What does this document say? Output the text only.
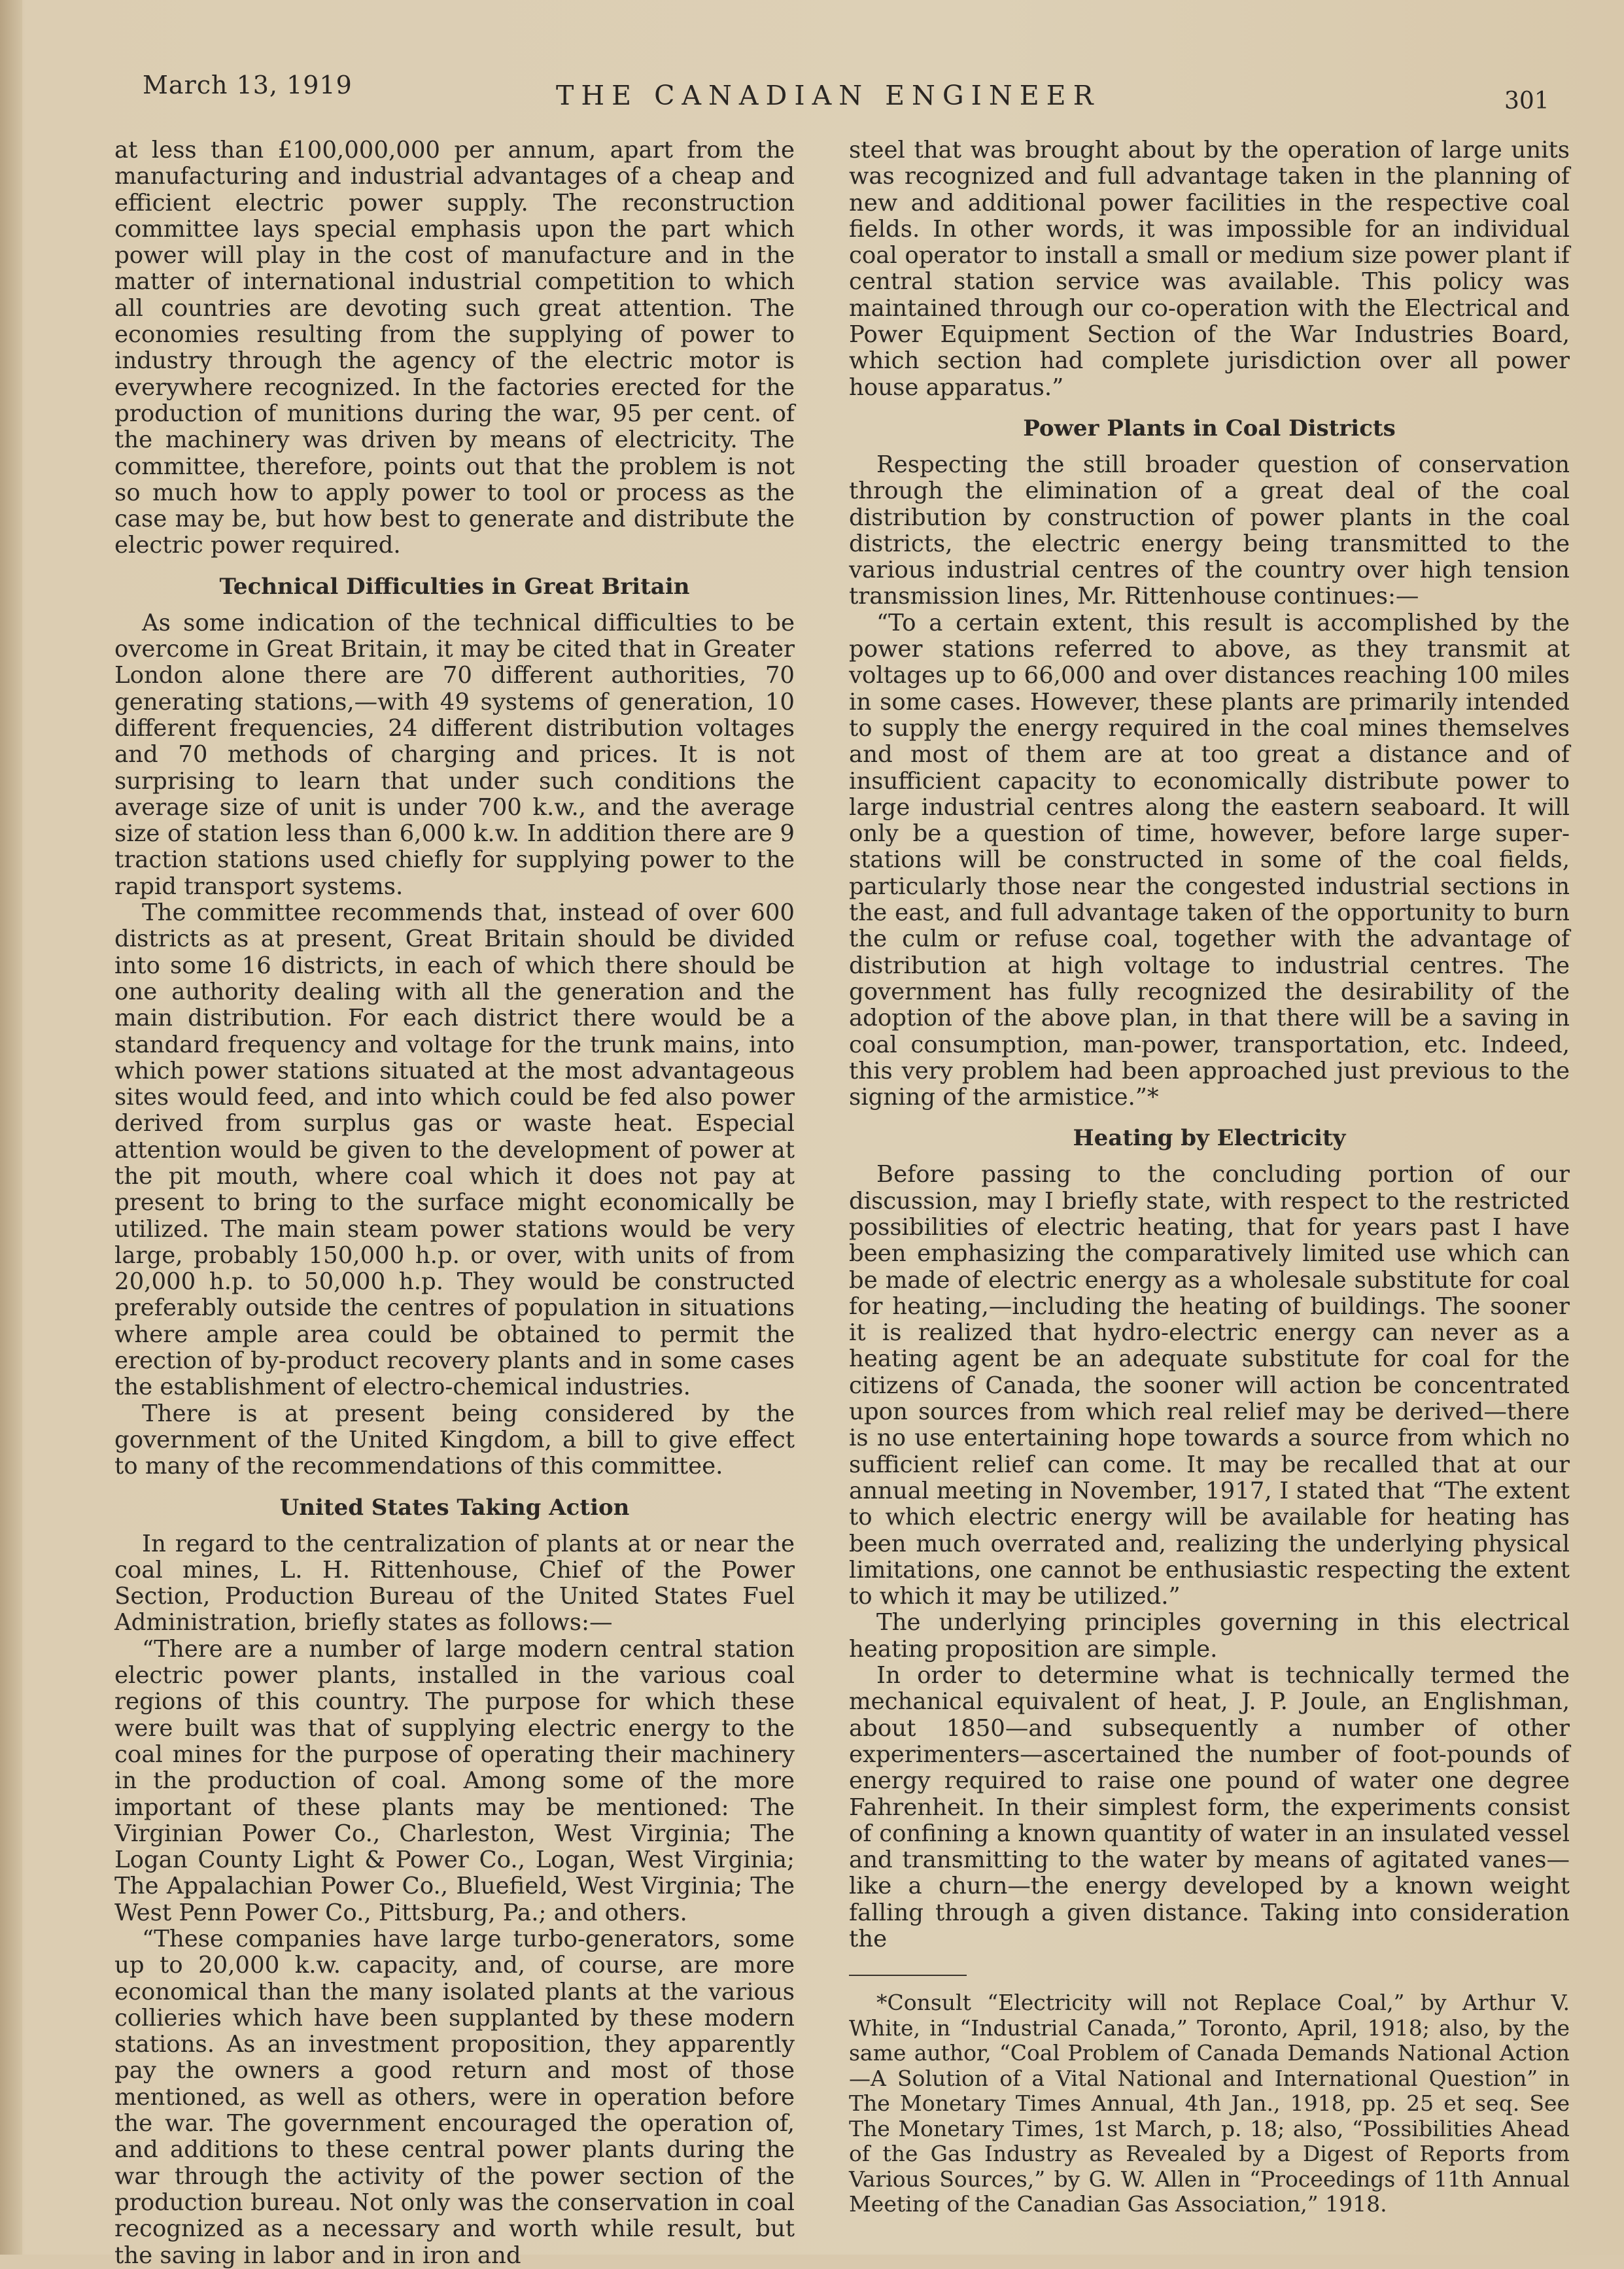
March 13, 1919	THE CANADIAN ENGINEER	301

at less than £100,000,000 per annum, apart from the manufacturing and industrial advantages of a cheap and efficient electric power supply. The reconstruction committee lays special emphasis upon the part which power will play in the cost of manufacture and in the matter of international industrial competition to which all countries are devoting such great attention. The economies resulting from the supplying of power to industry through the agency of the electric motor is everywhere recognized. In the factories erected for the production of munitions during the war, 95 per cent. of the machinery was driven by means of electricity. The committee, therefore, points out that the problem is not so much how to apply power to tool or process as the case may be, but how best to generate and distribute the electric power required.

Technical Difficulties in Great Britain

As some indication of the technical difficulties to be overcome in Great Britain, it may be cited that in Greater London alone there are 70 different authorities, 70 generating stations,—with 49 systems of generation, 10 different frequencies, 24 different distribution voltages and 70 methods of charging and prices. It is not surprising to learn that under such conditions the average size of unit is under 700 k.w., and the average size of station less than 6,000 k.w. In addition there are 9 traction stations used chiefly for supplying power to the rapid transport systems.

The committee recommends that, instead of over 600 districts as at present, Great Britain should be divided into some 16 districts, in each of which there should be one authority dealing with all the generation and the main distribution. For each district there would be a standard frequency and voltage for the trunk mains, into which power stations situated at the most advantageous sites would feed, and into which could be fed also power derived from surplus gas or waste heat. Especial attention would be given to the development of power at the pit mouth, where coal which it does not pay at present to bring to the surface might economically be utilized. The main steam power stations would be very large, probably 150,000 h.p. or over, with units of from 20,000 h.p. to 50,000 h.p. They would be constructed preferably outside the centres of population in situations where ample area could be obtained to permit the erection of by-product recovery plants and in some cases the establishment of electro-chemical industries.

There is at present being considered by the government of the United Kingdom, a bill to give effect to many of the recommendations of this committee.

United States Taking Action

In regard to the centralization of plants at or near the coal mines, L. H. Rittenhouse, Chief of the Power Section, Production Bureau of the United States Fuel Administration, briefly states as follows:—

“There are a number of large modern central station electric power plants, installed in the various coal regions of this country. The purpose for which these were built was that of supplying electric energy to the coal mines for the purpose of operating their machinery in the production of coal. Among some of the more important of these plants may be mentioned: The Virginian Power Co., Charleston, West Virginia; The Logan County Light & Power Co., Logan, West Virginia; The Appalachian Power Co., Bluefield, West Virginia; The West Penn Power Co., Pittsburg, Pa.; and others.

“These companies have large turbo-generators, some up to 20,000 k.w. capacity, and, of course, are more economical than the many isolated plants at the various collieries which have been supplanted by these modern stations. As an investment proposition, they apparently pay the owners a good return and most of those mentioned, as well as others, were in operation before the war. The government encouraged the operation of, and additions to these central power plants during the war through the activity of the power section of the production bureau. Not only was the conservation in coal recognized as a necessary and worth while result, but the saving in labor and in iron and

steel that was brought about by the operation of large units was recognized and full advantage taken in the planning of new and additional power facilities in the respective coal fields. In other words, it was impossible for an individual coal operator to install a small or medium size power plant if central station service was available. This policy was maintained through our co-operation with the Electrical and Power Equipment Section of the War Industries Board, which section had complete jurisdiction over all power house apparatus.”

Power Plants in Coal Districts

Respecting the still broader question of conservation through the elimination of a great deal of the coal distribution by construction of power plants in the coal districts, the electric energy being transmitted to the various industrial centres of the country over high tension transmission lines, Mr. Rittenhouse continues:—

“To a certain extent, this result is accomplished by the power stations referred to above, as they transmit at voltages up to 66,000 and over distances reaching 100 miles in some cases. However, these plants are primarily intended to supply the energy required in the coal mines themselves and most of them are at too great a distance and of insufficient capacity to economically distribute power to large industrial centres along the eastern seaboard. It will only be a question of time, however, before large super-stations will be constructed in some of the coal fields, particularly those near the congested industrial sections in the east, and full advantage taken of the opportunity to burn the culm or refuse coal, together with the advantage of distribution at high voltage to industrial centres. The government has fully recognized the desirability of the adoption of the above plan, in that there will be a saving in coal consumption, man-power, transportation, etc. Indeed, this very problem had been approached just previous to the signing of the armistice.”*

Heating by Electricity

Before passing to the concluding portion of our discussion, may I briefly state, with respect to the restricted possibilities of electric heating, that for years past I have been emphasizing the comparatively limited use which can be made of electric energy as a wholesale substitute for coal for heating,—including the heating of buildings. The sooner it is realized that hydro-electric energy can never as a heating agent be an adequate substitute for coal for the citizens of Canada, the sooner will action be concentrated upon sources from which real relief may be derived—there is no use entertaining hope towards a source from which no sufficient relief can come. It may be recalled that at our annual meeting in November, 1917, I stated that “The extent to which electric energy will be available for heating has been much overrated and, realizing the underlying physical limitations, one cannot be enthusiastic respecting the extent to which it may be utilized.”

The underlying principles governing in this electrical heating proposition are simple.

In order to determine what is technically termed the mechanical equivalent of heat, J. P. Joule, an Englishman, about 1850—and subsequently a number of other experimenters—ascertained the number of foot-pounds of energy required to raise one pound of water one degree Fahrenheit. In their simplest form, the experiments consist of confining a known quantity of water in an insulated vessel and transmitting to the water by means of agitated vanes—like a churn—the energy developed by a known weight falling through a given distance. Taking into consideration the

*Consult “Electricity will not Replace Coal,” by Arthur V. White, in “Industrial Canada,” Toronto, April, 1918; also, by the same author, “Coal Problem of Canada Demands National Action—A Solution of a Vital National and International Question” in The Monetary Times Annual, 4th Jan., 1918, pp. 25 et seq. See The Monetary Times, 1st March, p. 18; also, “Possibilities Ahead of the Gas Industry as Revealed by a Digest of Reports from Various Sources,” by G. W. Allen in “Proceedings of 11th Annual Meeting of the Canadian Gas Association,” 1918.
